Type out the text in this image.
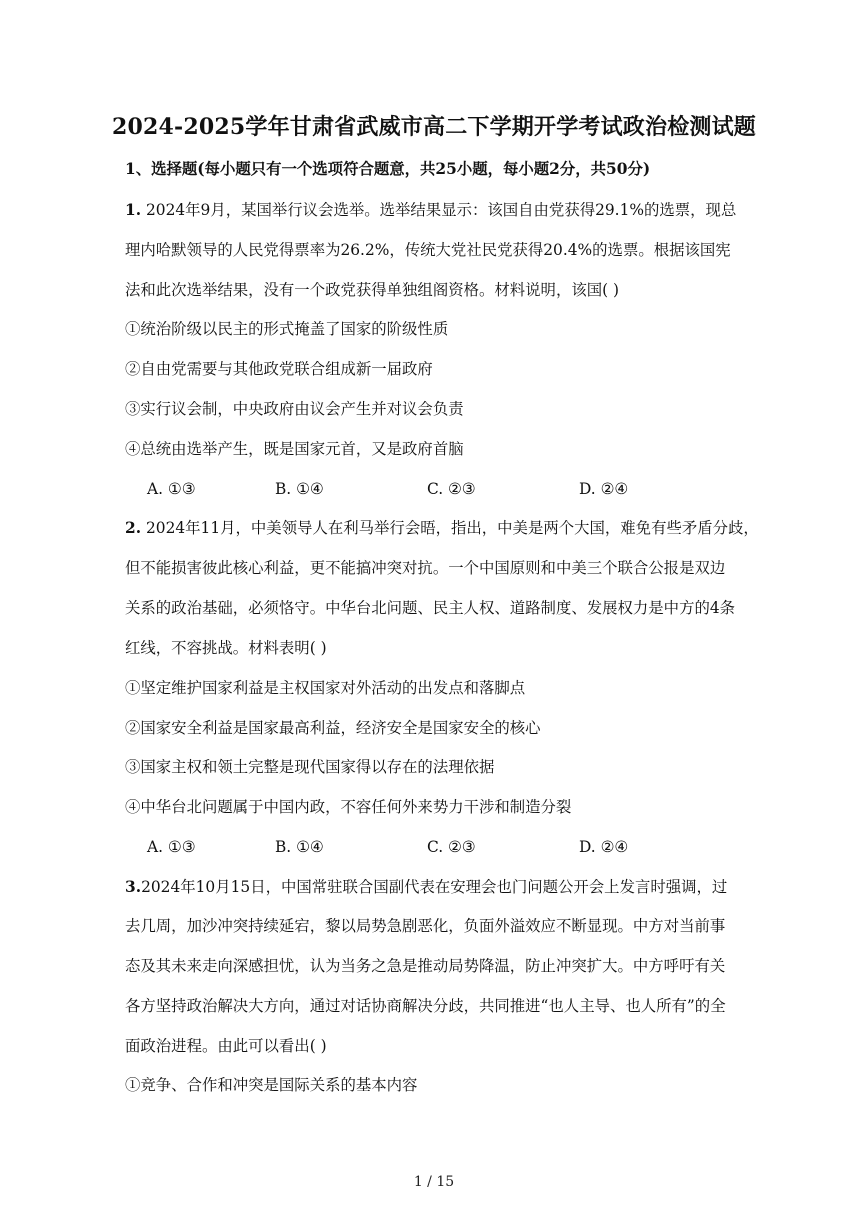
2024-2025学年甘肃省武威市高二下学期开学考试政治检测试题
1、选择题(每小题只有一个选项符合题意，共25小题，每小题2分，共50分)
1. 2024年9月，某国举行议会选举。选举结果显示：该国自由党获得29.1%的选票，现总
理内哈默领导的人民党得票率为26.2%，传统大党社民党获得20.4%的选票。根据该国宪
法和此次选举结果，没有一个政党获得单独组阁资格。材料说明，该国( )
①统治阶级以民主的形式掩盖了国家的阶级性质
②自由党需要与其他政党联合组成新一届政府
③实行议会制，中央政府由议会产生并对议会负责
④总统由选举产生，既是国家元首，又是政府首脑
A. ①③	B. ①④	C. ②③	D. ②④
2. 2024年11月，中美领导人在利马举行会晤，指出，中美是两个大国，难免有些矛盾分歧，
但不能损害彼此核心利益，更不能搞冲突对抗。一个中国原则和中美三个联合公报是双边
关系的政治基础，必须恪守。中华台北问题、民主人权、道路制度、发展权力是中方的4条
红线，不容挑战。材料表明( )
①坚定维护国家利益是主权国家对外活动的出发点和落脚点
②国家安全利益是国家最高利益，经济安全是国家安全的核心
③国家主权和领土完整是现代国家得以存在的法理依据
④中华台北问题属于中国内政，不容任何外来势力干涉和制造分裂
A. ①③	B. ①④	C. ②③	D. ②④
3.2024年10月15日，中国常驻联合国副代表在安理会也门问题公开会上发言时强调，过
去几周，加沙冲突持续延宕，黎以局势急剧恶化，负面外溢效应不断显现。中方对当前事
态及其未来走向深感担忧，认为当务之急是推动局势降温，防止冲突扩大。中方呼吁有关
各方坚持政治解决大方向，通过对话协商解决分歧，共同推进“也人主导、也人所有”的全
面政治进程。由此可以看出( )
①竞争、合作和冲突是国际关系的基本内容
1 / 15
